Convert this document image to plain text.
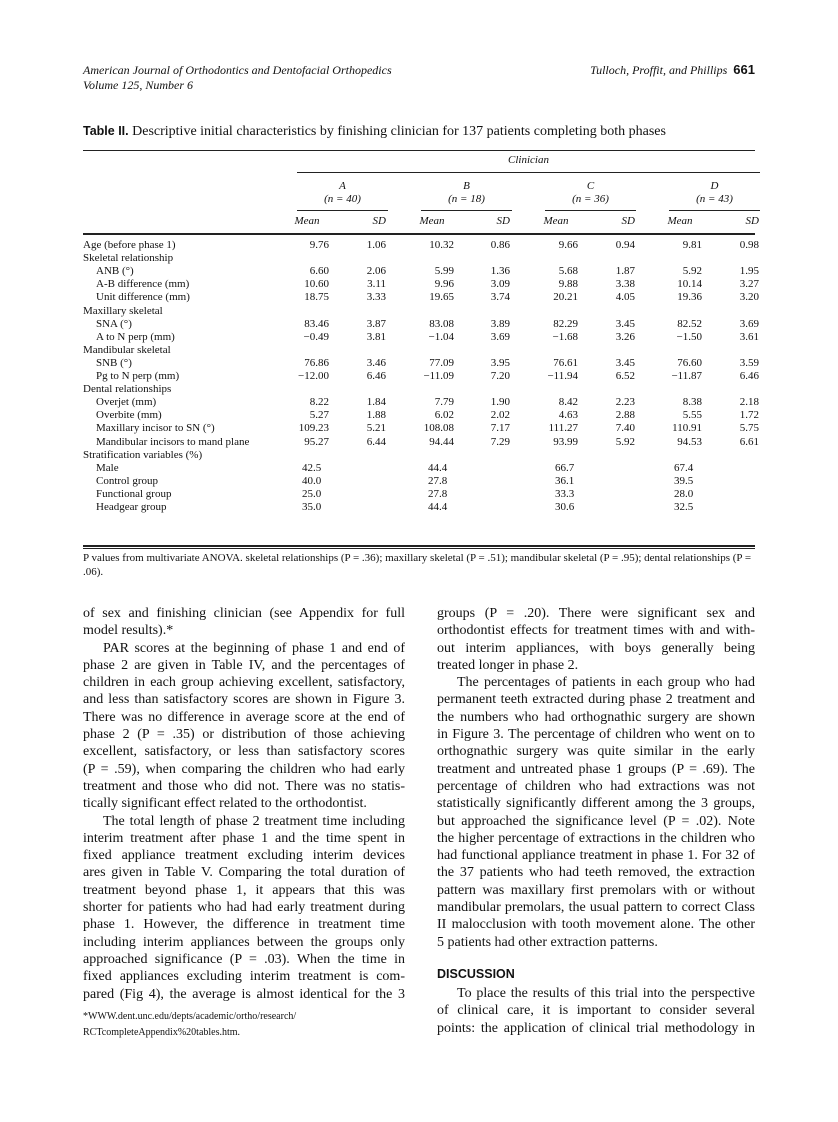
American Journal of Orthodontics and Dentofacial Orthopedics
Volume 125, Number 6
Tulloch, Proffit, and Phillips 661
Table II. Descriptive initial characteristics by finishing clinician for 137 patients completing both phases
Clinician
A
(n = 40)
Mean	SD
B
(n = 18)
Mean	SD
C
(n = 36)
Mean	SD
D
(n = 43)
Mean	SD
Age (before phase 1)	9.76	1.06	10.32	0.86	9.66	0.94	9.81	0.98
Skeletal relationship
ANB (°)	6.60	2.06	5.99	1.36	5.68	1.87	5.92	1.95
A-B difference (mm)	10.60	3.11	9.96	3.09	9.88	3.38	10.14	3.27
Unit difference (mm)	18.75	3.33	19.65	3.74	20.21	4.05	19.36	3.20
Maxillary skeletal
SNA (°)	83.46	3.87	83.08	3.89	82.29	3.45	82.52	3.69
A to N perp (mm)	−0.49	3.81	−1.04	3.69	−1.68	3.26	−1.50	3.61
Mandibular skeletal
SNB (°)	76.86	3.46	77.09	3.95	76.61	3.45	76.60	3.59
Pg to N perp (mm)	−12.00	6.46	−11.09	7.20	−11.94	6.52	−11.87	6.46
Dental relationships
Overjet (mm)	8.22	1.84	7.79	1.90	8.42	2.23	8.38	2.18
Overbite (mm)	5.27	1.88	6.02	2.02	4.63	2.88	5.55	1.72
Maxillary incisor to SN (°)	109.23	5.21	108.08	7.17	111.27	7.40	110.91	5.75
Mandibular incisors to mand plane	95.27	6.44	94.44	7.29	93.99	5.92	94.53	6.61
Stratification variables (%)
Male	42.5	44.4	66.7	67.4
Control group	40.0	27.8	36.1	39.5
Functional group	25.0	27.8	33.3	28.0
Headgear group	35.0	44.4	30.6	32.5
P values from multivariate ANOVA. skeletal relationships (P = .36); maxillary skeletal (P = .51); mandibular skeletal (P = .95); dental relationships (P = .06).
of sex and finishing clinician (see Appendix for full
model results).*
PAR scores at the beginning of phase 1 and end of
phase 2 are given in Table IV, and the percentages of
children in each group achieving excellent, satisfactory,
and less than satisfactory scores are shown in Figure 3.
There was no difference in average score at the end of
phase 2 (P = .35) or distribution of those achieving
excellent, satisfactory, or less than satisfactory scores
(P = .59), when comparing the children who had early
treatment and those who did not. There was no statis-
tically significant effect related to the orthodontist.
The total length of phase 2 treatment time including
interim treatment after phase 1 and the time spent in
fixed appliance treatment excluding interim devices
ares given in Table V. Comparing the total duration of
treatment beyond phase 1, it appears that this was
shorter for patients who had had early treatment during
phase 1. However, the difference in treatment time
including interim appliances between the groups only
approached significance (P = .03). When the time in
fixed appliances excluding interim treatment is com-
pared (Fig 4), the average is almost identical for the 3
*WWW.dent.unc.edu/depts/academic/ortho/research/
RCTcompleteAppendix%20tables.htm.
groups (P = .20). There were significant sex and
orthodontist effects for treatment times with and with-
out interim appliances, with boys generally being
treated longer in phase 2.
The percentages of patients in each group who had
permanent teeth extracted during phase 2 treatment and
the numbers who had orthognathic surgery are shown
in Figure 3. The percentage of children who went on to
orthognathic surgery was quite similar in the early
treatment and untreated phase 1 groups (P = .69). The
percentage of children who had extractions was not
statistically significantly different among the 3 groups,
but approached the significance level (P = .02). Note
the higher percentage of extractions in the children who
had functional appliance treatment in phase 1. For 32 of
the 37 patients who had teeth removed, the extraction
pattern was maxillary first premolars with or without
mandibular premolars, the usual pattern to correct Class
II malocclusion with tooth movement alone. The other
5 patients had other extraction patterns.
DISCUSSION
To place the results of this trial into the perspective
of clinical care, it is important to consider several
points: the application of clinical trial methodology in
